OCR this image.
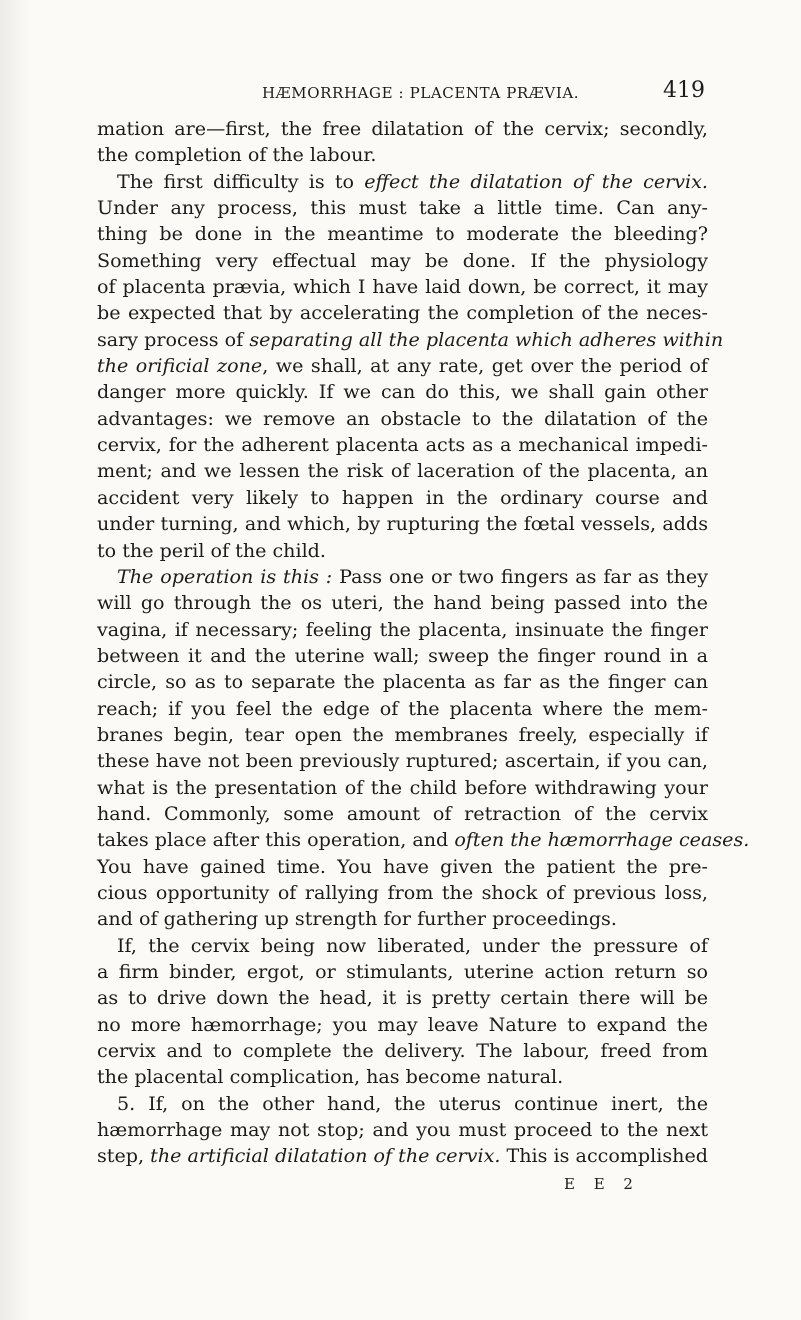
HÆMORRHAGE : PLACENTA PRÆVIA.	419
mation are—first, the free dilatation of the cervix; secondly,
the completion of the labour.
The first difficulty is to effect the dilatation of the cervix.
Under any process, this must take a little time. Can any-
thing be done in the meantime to moderate the bleeding?
Something very effectual may be done. If the physiology
of placenta prævia, which I have laid down, be correct, it may
be expected that by accelerating the completion of the neces-
sary process of separating all the placenta which adheres within
the orificial zone, we shall, at any rate, get over the period of
danger more quickly. If we can do this, we shall gain other
advantages: we remove an obstacle to the dilatation of the
cervix, for the adherent placenta acts as a mechanical impedi-
ment; and we lessen the risk of laceration of the placenta, an
accident very likely to happen in the ordinary course and
under turning, and which, by rupturing the fœtal vessels, adds
to the peril of the child.
The operation is this : Pass one or two fingers as far as they
will go through the os uteri, the hand being passed into the
vagina, if necessary; feeling the placenta, insinuate the finger
between it and the uterine wall; sweep the finger round in a
circle, so as to separate the placenta as far as the finger can
reach; if you feel the edge of the placenta where the mem-
branes begin, tear open the membranes freely, especially if
these have not been previously ruptured; ascertain, if you can,
what is the presentation of the child before withdrawing your
hand. Commonly, some amount of retraction of the cervix
takes place after this operation, and often the hæmorrhage ceases.
You have gained time. You have given the patient the pre-
cious opportunity of rallying from the shock of previous loss,
and of gathering up strength for further proceedings.
If, the cervix being now liberated, under the pressure of
a firm binder, ergot, or stimulants, uterine action return so
as to drive down the head, it is pretty certain there will be
no more hæmorrhage; you may leave Nature to expand the
cervix and to complete the delivery. The labour, freed from
the placental complication, has become natural.
5. If, on the other hand, the uterus continue inert, the
hæmorrhage may not stop; and you must proceed to the next
step, the artificial dilatation of the cervix. This is accomplished
E E 2
